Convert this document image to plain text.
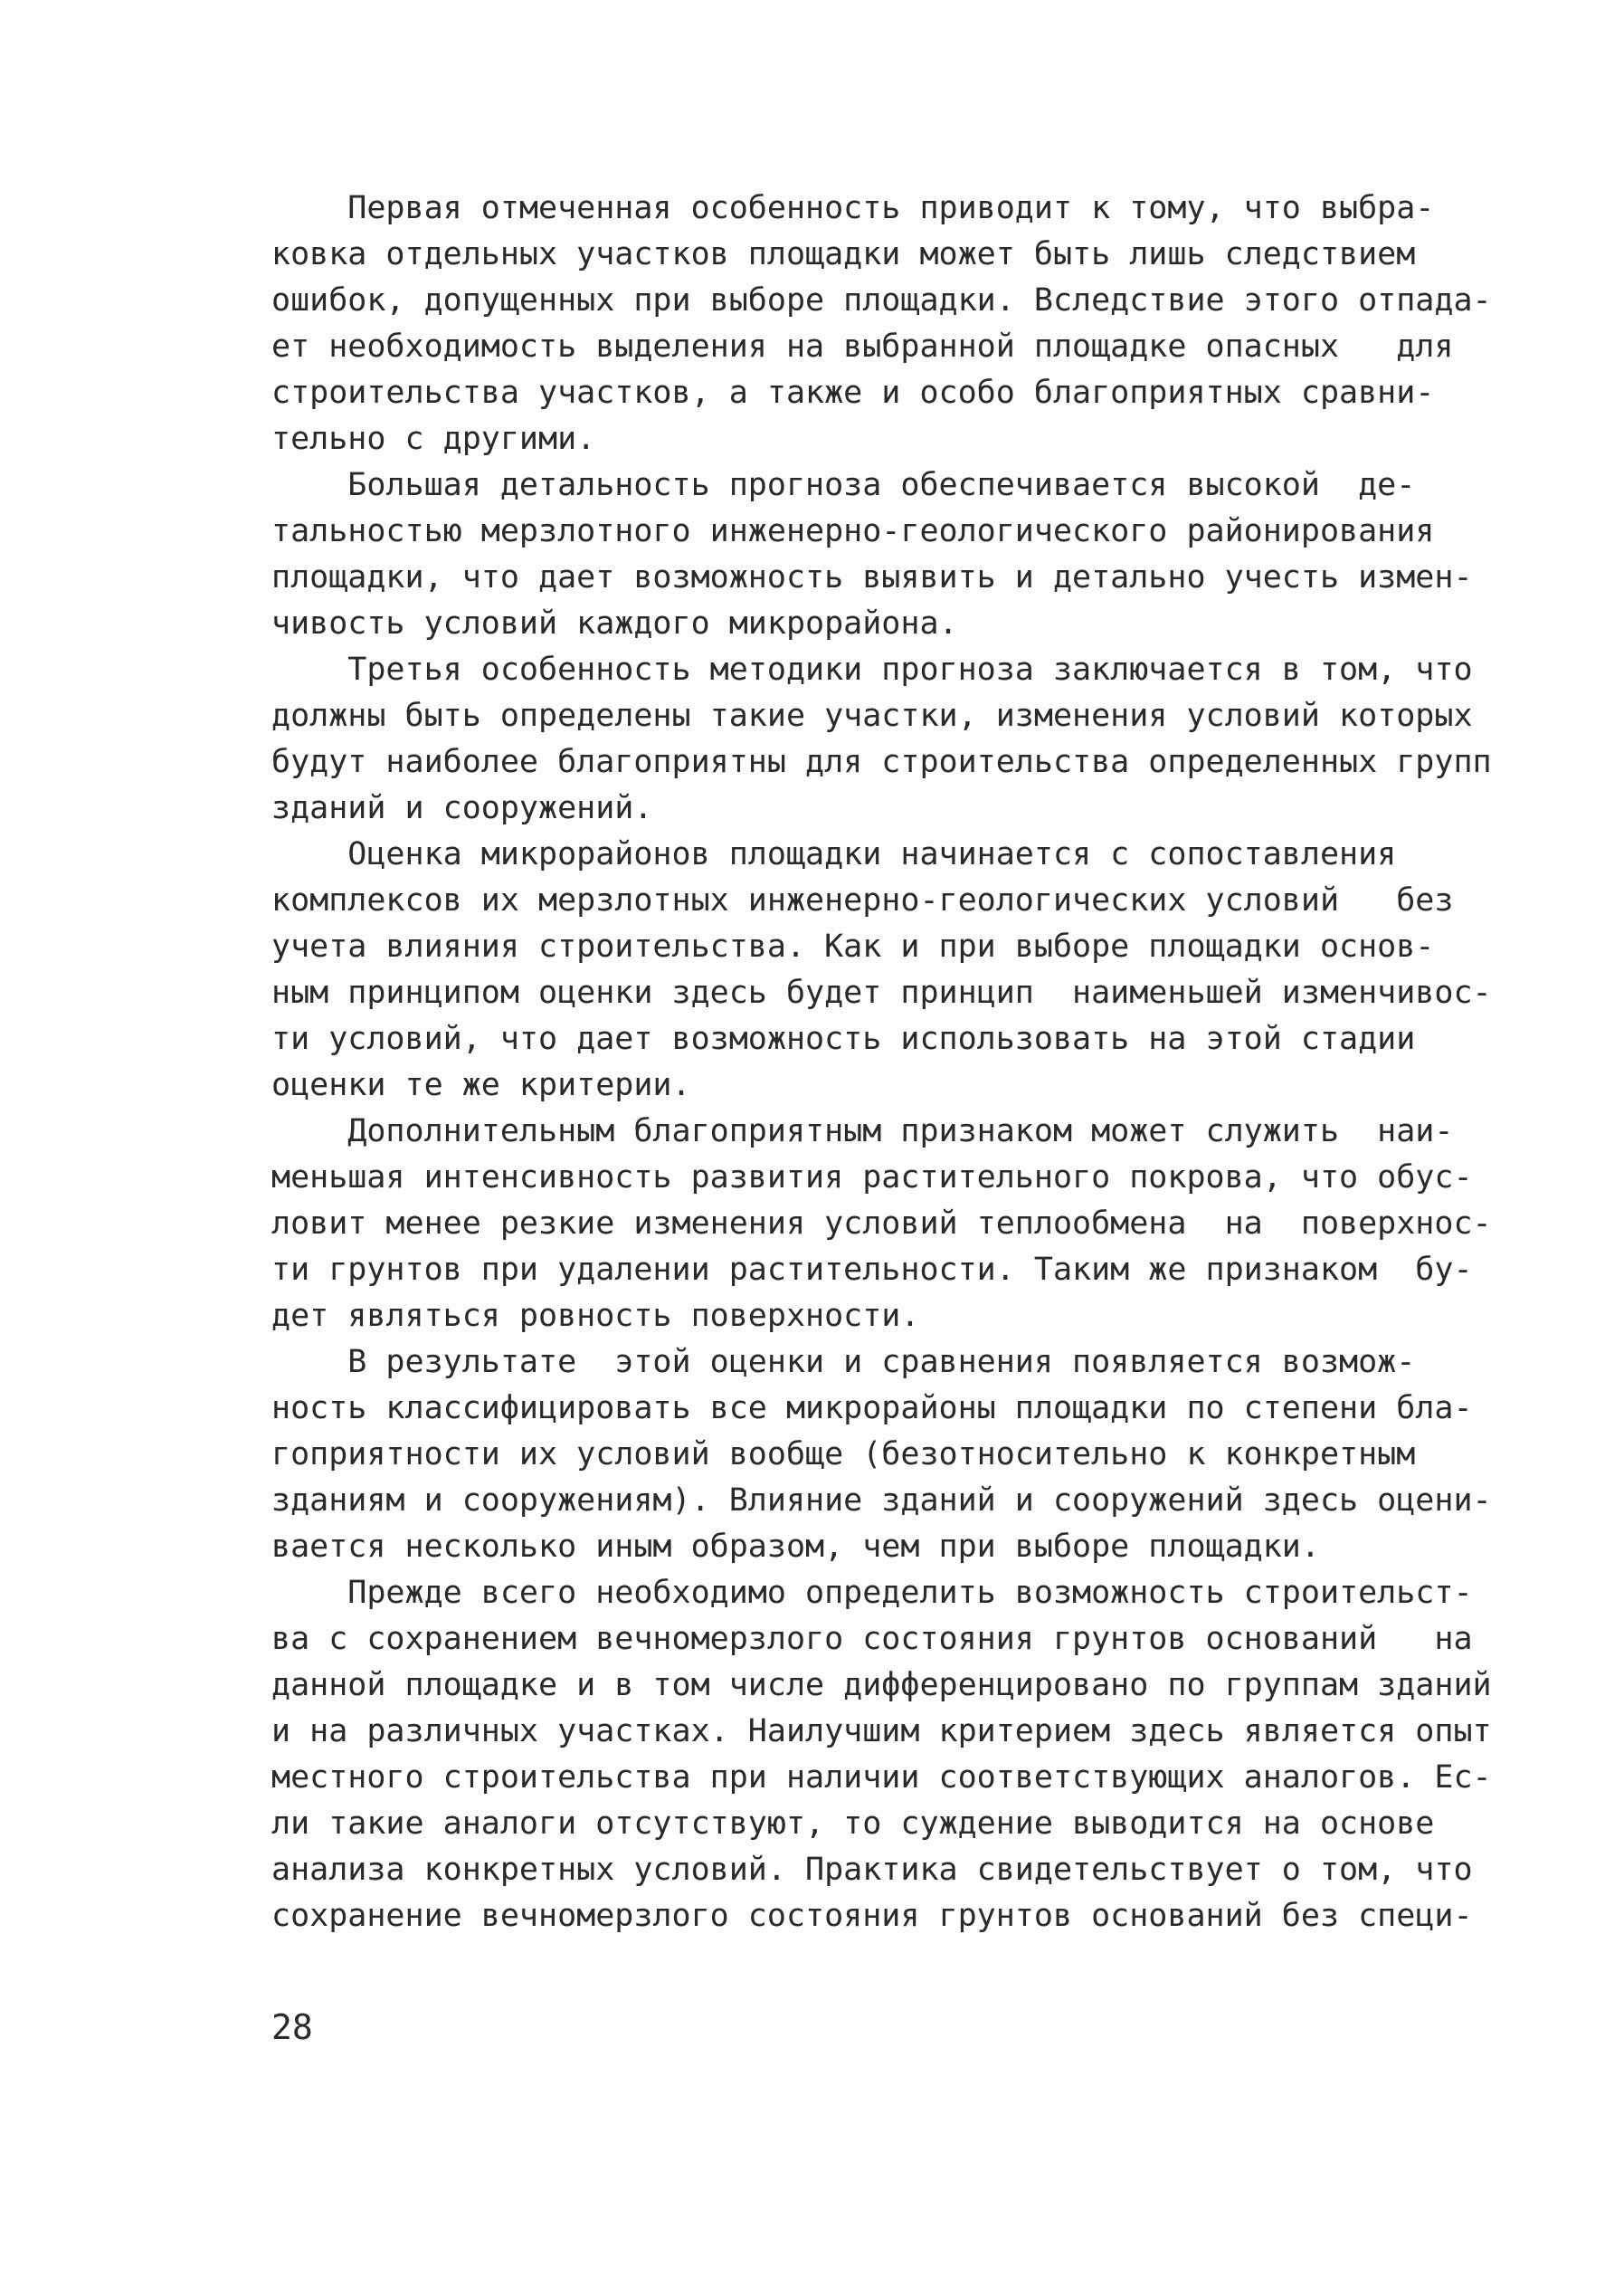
Первая отмеченная особенность приводит к тому, что выбра-
ковка отдельных участков площадки может быть лишь следствием
ошибок, допущенных при выборе площадки. Вследствие этого отпада-
ет необходимость выделения на выбранной площадке опасных   для
строительства участков, а также и особо благоприятных сравни-
тельно с другими.

Большая детальность прогноза обеспечивается высокой  де-
тальностью мерзлотного инженерно-геологического районирования
площадки, что дает возможность выявить и детально учесть измен-
чивость условий каждого микрорайона.

Третья особенность методики прогноза заключается в том, что
должны быть определены такие участки, изменения условий которых
будут наиболее благоприятны для строительства определенных групп
зданий и сооружений.

Оценка микрорайонов площадки начинается с сопоставления
комплексов их мерзлотных инженерно-геологических условий   без
учета влияния строительства. Как и при выборе площадки основ-
ным принципом оценки здесь будет принцип  наименьшей изменчивос-
ти условий, что дает возможность использовать на этой стадии
оценки те же критерии.

Дополнительным благоприятным признаком может служить  наи-
меньшая интенсивность развития растительного покрова, что обус-
ловит менее резкие изменения условий теплообмена  на  поверхнос-
ти грунтов при удалении растительности. Таким же признаком  бу-
дет являться ровность поверхности.

В результате  этой оценки и сравнения появляется возмож-
ность классифицировать все микрорайоны площадки по степени бла-
гоприятности их условий вообще (безотносительно к конкретным
зданиям и сооружениям). Влияние зданий и сооружений здесь оцени-
вается несколько иным образом, чем при выборе площадки.

Прежде всего необходимо определить возможность строительст-
ва с сохранением вечномерзлого состояния грунтов оснований   на
данной площадке и в том числе дифференцировано по группам зданий
и на различных участках. Наилучшим критерием здесь является опыт
местного строительства при наличии соответствующих аналогов. Ес-
ли такие аналоги отсутствуют, то суждение выводится на основе
анализа конкретных условий. Практика свидетельствует о том, что
сохранение вечномерзлого состояния грунтов оснований без специ-

28
